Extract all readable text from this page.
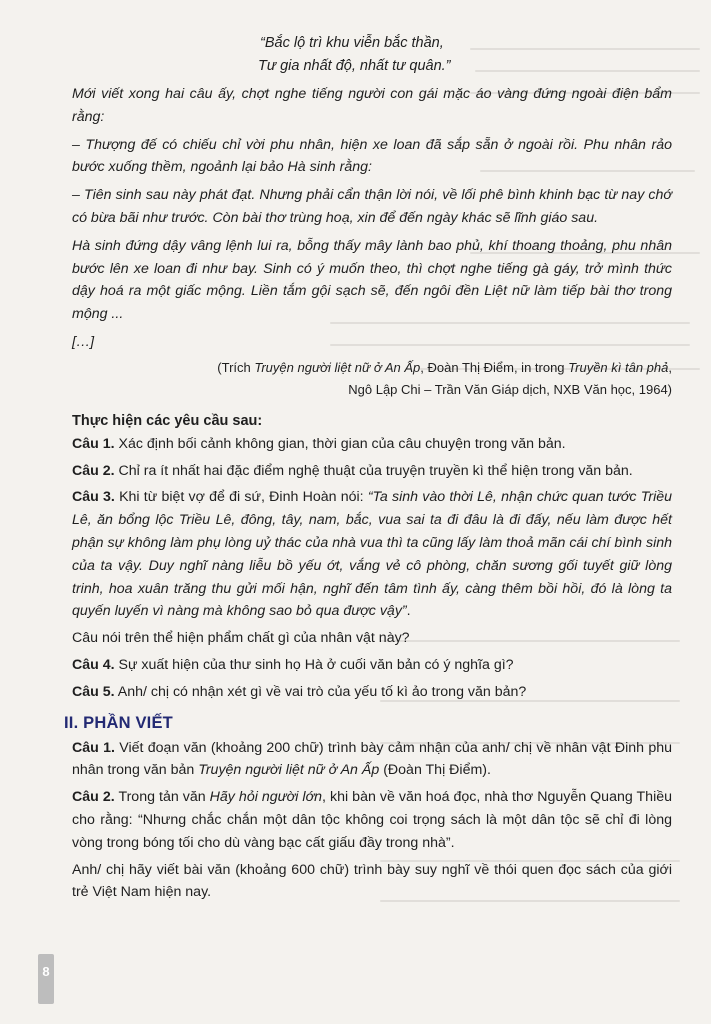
“Bắc lộ trì khu viễn bắc thần,

Tư gia nhất độ, nhất tư quân.”

Mới viết xong hai câu ấy, chợt nghe tiếng người con gái mặc áo vàng đứng ngoài điện bẩm rằng:

– Thượng đế có chiếu chỉ vời phu nhân, hiện xe loan đã sắp sẵn ở ngoài rồi. Phu nhân rảo bước xuống thềm, ngoảnh lại bảo Hà sinh rằng:

– Tiên sinh sau này phát đạt. Nhưng phải cẩn thận lời nói, về lối phê bình khinh bạc từ nay chớ có bừa bãi như trước. Còn bài thơ trùng hoạ, xin để đến ngày khác sẽ lĩnh giáo sau.

Hà sinh đứng dậy vâng lệnh lui ra, bỗng thấy mây lành bao phủ, khí thoang thoảng, phu nhân bước lên xe loan đi như bay. Sinh có ý muốn theo, thì chợt nghe tiếng gà gáy, trở mình thức dậy hoá ra một giấc mộng. Liền tắm gội sạch sẽ, đến ngôi đền Liệt nữ làm tiếp bài thơ trong mộng ...

[…]

(Trích Truyện người liệt nữ ở An Ấp, Đoàn Thị Điểm, in trong Truyền kì tân phả,

Ngô Lập Chi – Trần Văn Giáp dịch, NXB Văn học, 1964)

Thực hiện các yêu cầu sau:

Câu 1. Xác định bối cảnh không gian, thời gian của câu chuyện trong văn bản.

Câu 2. Chỉ ra ít nhất hai đặc điểm nghệ thuật của truyện truyền kì thể hiện trong văn bản.

Câu 3. Khi từ biệt vợ để đi sứ, Đinh Hoàn nói: “Ta sinh vào thời Lê, nhận chức quan tước Triều Lê, ăn bổng lộc Triều Lê, đông, tây, nam, bắc, vua sai ta đi đâu là đi đấy, nếu làm được hết phận sự không làm phụ lòng uỷ thác của nhà vua thì ta cũng lấy làm thoả mãn cái chí bình sinh của ta vậy. Duy nghĩ nàng liễu bồ yếu ớt, vắng vẻ cô phòng, chăn sương gối tuyết giữ lòng trinh, hoa xuân trăng thu gửi mối hận, nghĩ đến tâm tình ấy, càng thêm bồi hồi, đó là lòng ta quyến luyến vì nàng mà không sao bỏ qua được vậy”.

Câu nói trên thể hiện phẩm chất gì của nhân vật này?

Câu 4. Sự xuất hiện của thư sinh họ Hà ở cuối văn bản có ý nghĩa gì?

Câu 5. Anh/ chị có nhận xét gì về vai trò của yếu tố kì ảo trong văn bản?

II. PHẦN VIẾT

Câu 1. Viết đoạn văn (khoảng 200 chữ) trình bày cảm nhận của anh/ chị về nhân vật Đinh phu nhân trong văn bản Truyện người liệt nữ ở An Ấp (Đoàn Thị Điểm).

Câu 2. Trong tản văn Hãy hỏi người lớn, khi bàn về văn hoá đọc, nhà thơ Nguyễn Quang Thiều cho rằng: “Nhưng chắc chắn một dân tộc không coi trọng sách là một dân tộc sẽ chỉ đi lòng vòng trong bóng tối cho dù vàng bạc cất giấu đầy trong nhà”.

Anh/ chị hãy viết bài văn (khoảng 600 chữ) trình bày suy nghĩ về thói quen đọc sách của giới trẻ Việt Nam hiện nay.

8
